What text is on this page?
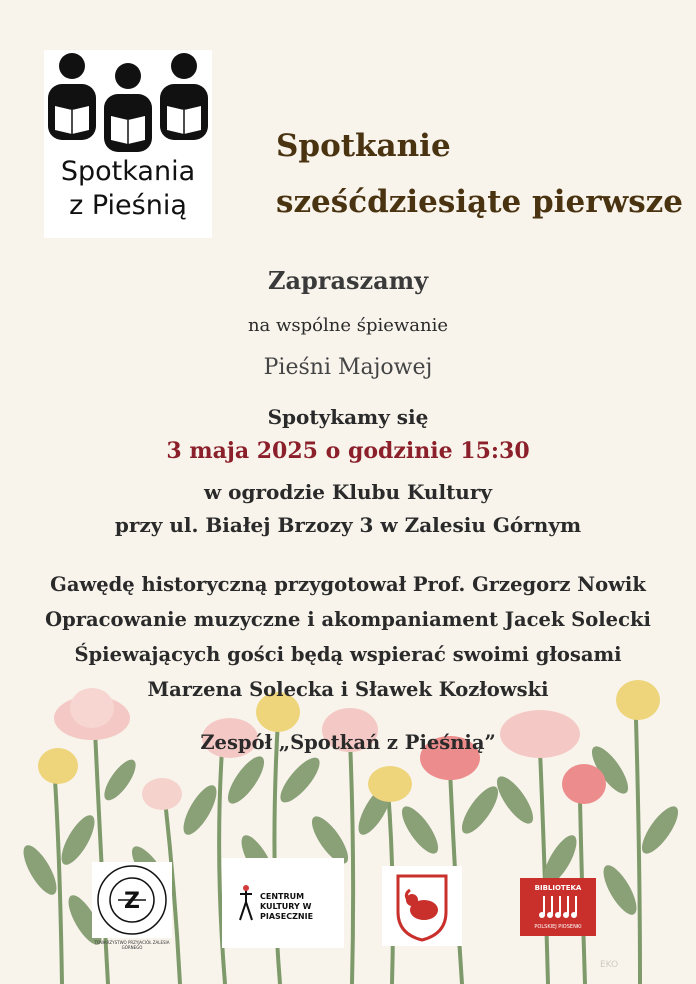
Spotkania
z Pieśnią
Spotkanie
sześćdziesiąte pierwsze
Zapraszamy
na wspólne śpiewanie
Pieśni Majowej
Spotykamy się
3 maja 2025 o godzinie 15:30
w ogrodzie Klubu Kultury
przy ul. Białej Brzozy 3 w Zalesiu Górnym
Gawędę historyczną przygotował Prof. Grzegorz Nowik
Opracowanie muzyczne i akompaniament Jacek Solecki
Śpiewających gości będą wspierać swoimi głosami
Marzena Solecka i Sławek Kozłowski
Zespół „Spotkań z Pieśnią”
Z	CENTRUM KULTURY W PIASECZNIE
BIBLIOTEKA
POLSKIEJ PIOSENKI
EKO
TOWARZYSTWO PRZYJACIÓŁ ZALESIA GÓRNEGO
